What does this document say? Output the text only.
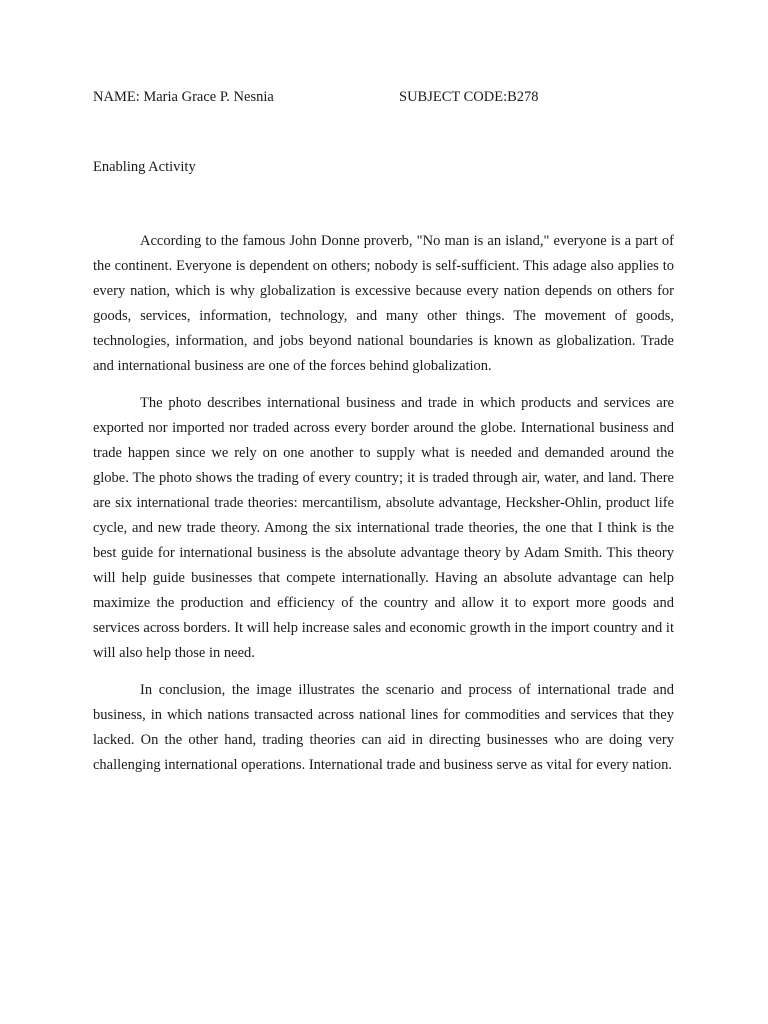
NAME: Maria Grace P. Nesnia	SUBJECT CODE:B278
Enabling Activity

According to the famous John Donne proverb, "No man is an island," everyone is a part of the continent. Everyone is dependent on others; nobody is self-sufficient. This adage also applies to every nation, which is why globalization is excessive because every nation depends on others for goods, services, information, technology, and many other things. The movement of goods, technologies, information, and jobs beyond national boundaries is known as globalization. Trade and international business are one of the forces behind globalization.

The photo describes international business and trade in which products and services are exported nor imported nor traded across every border around the globe. International business and trade happen since we rely on one another to supply what is needed and demanded around the globe. The photo shows the trading of every country; it is traded through air, water, and land. There are six international trade theories: mercantilism, absolute advantage, Hecksher-Ohlin, product life cycle, and new trade theory. Among the six international trade theories, the one that I think is the best guide for international business is the absolute advantage theory by Adam Smith. This theory will help guide businesses that compete internationally. Having an absolute advantage can help maximize the production and efficiency of the country and allow it to export more goods and services across borders. It will help increase sales and economic growth in the import country and it will also help those in need.

In conclusion, the image illustrates the scenario and process of international trade and business, in which nations transacted across national lines for commodities and services that they lacked. On the other hand, trading theories can aid in directing businesses who are doing very challenging international operations. International trade and business serve as vital for every nation.
